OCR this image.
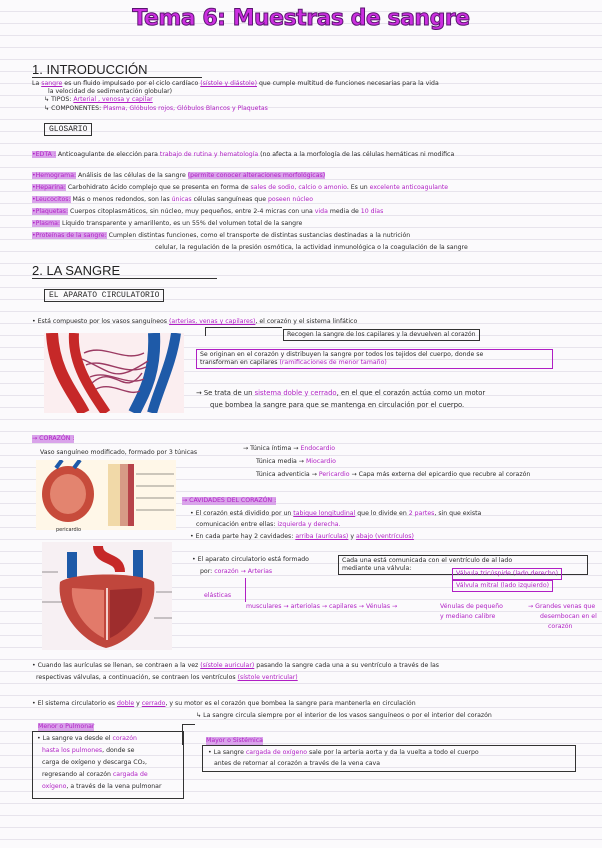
Tema 6: Muestras de sangre
1. INTRODUCCIÓN
La sangre es un fluido impulsado por el ciclo cardíaco (sístole y diástole) que cumple multitud de funciones necesarias para la vida
la velocidad de sedimentación globular)
↳ TIPOS: Arterial , venosa y capilar
↳ COMPONENTES: Plasma, Glóbulos rojos, Glóbulos Blancos y Plaquetas
GLOSARIO
•EDTA : Anticoagulante de elección para trabajo de rutina y hematología (no afecta a la morfología de las células hemáticas ni modifica
•Hemograma: Análisis de las células de la sangre (permite conocer alteraciones morfológicas)
•Heparina: Carbohidrato ácido complejo que se presenta en forma de sales de sodio, calcio o amonio. Es un excelente anticoagulante
•Leucocitos: Más o menos redondos, son las únicas células sanguíneas que poseen núcleo
•Plaquetas: Cuerpos citoplasmáticos, sin núcleo, muy pequeños, entre 2-4 micras con una vida media de 10 días
•Plasma: Líquido transparente y amarillento, es un 55% del volumen total de la sangre
•Proteínas de la sangre: Cumplen distintas funciones, como el transporte de distintas sustancias destinadas a la nutrición
celular, la regulación de la presión osmótica, la actividad inmunológica o la coagulación de la sangre
2. LA SANGRE
EL APARATO CIRCULATORIO
• Está compuesto por los vasos sanguíneos (arterias, venas y capilares), el corazón y el sistema linfático
Recogen la sangre de los capilares y la devuelven al corazón
Se originan en el corazón y distribuyen la sangre por todos los tejidos del cuerpo, donde se
transforman en capilares (ramificaciones de menor tamaño)
→ Se trata de un sistema doble y cerrado, en el que el corazón actúa como un motor
que bombea la sangre para que se mantenga en circulación por el cuerpo.
→ CORAZÓN :
Vaso sanguíneo modificado, formado por 3 túnicas
→ Túnica íntima → Endocardio
Túnica media → Miocardio
Túnica adventicia → Pericardio → Capa más externa del epicardio que recubre al corazón
pericardio
→ CAVIDADES DEL CORAZÓN :
• El corazón está dividido por un tabique longitudinal que lo divide en 2 partes, sin que exista
comunicación entre ellas: izquierda y derecha.
• En cada parte hay 2 cavidades: arriba (aurículas) y abajo (ventrículos)
• El aparato circulatorio está formado
por: corazón → Arterias
elásticas
Cada una está comunicada con el ventrículo de al lado
mediante una válvula:
Válvula tricúspide (lado derecho)
Válvula mitral (lado izquierdo)
musculares → arteriolas → capilares → Vénulas →	Vénulas de pequeño
y mediano calibre
→ Grandes venas que
desembocan en el
corazón
• Cuando las aurículas se llenan, se contraen a la vez (sístole auricular) pasando la sangre cada una a su ventrículo a través de las
respectivas válvulas, a continuación, se contraen los ventrículos (sístole ventricular)
• El sistema circulatorio es doble y cerrado, y su motor es el corazón que bombea la sangre para mantenerla en circulación
↳ La sangre circula siempre por el interior de los vasos sanguíneos o por el interior del corazón
Menor o Pulmonar
• La sangre va desde el corazón
hasta los pulmones, donde se
carga de oxígeno y descarga CO₂,
regresando al corazón cargada de
oxígeno, a través de la vena pulmonar
Mayor o Sistémica
• La sangre cargada de oxígeno sale por la arteria aorta y da la vuelta a todo el cuerpo
antes de retornar al corazón a través de la vena cava
